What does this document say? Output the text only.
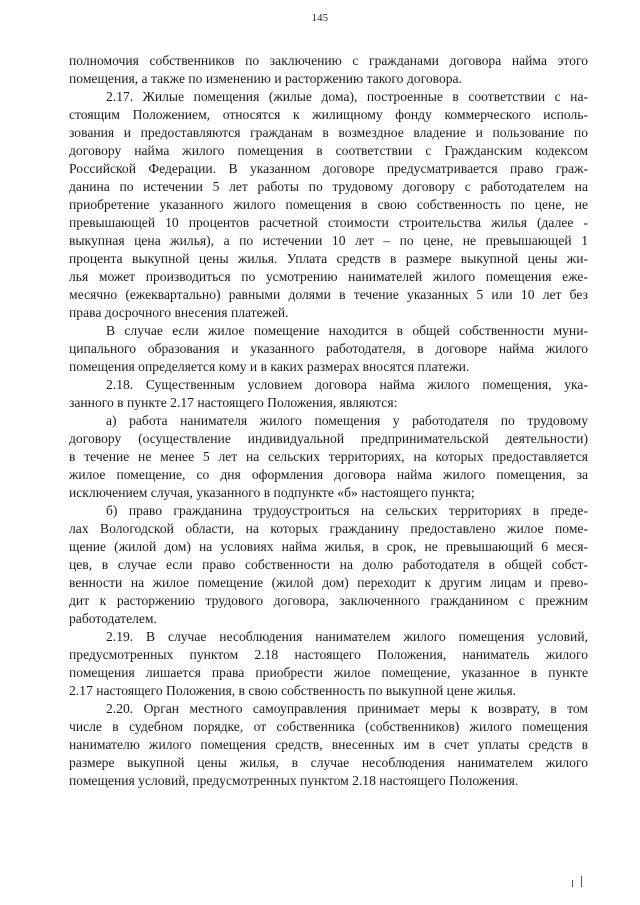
145
полномочия собственников по заключению с гражданами договора найма этого
помещения, а также по изменению и расторжению такого договора.
2.17. Жилые помещения (жилые дома), построенные в соответствии с на-
стоящим Положением, относятся к жилищному фонду коммерческого исполь-
зования и предоставляются гражданам в возмездное владение и пользование по
договору найма жилого помещения в соответствии с Гражданским кодексом
Российской Федерации. В указанном договоре предусматривается право граж-
данина по истечении 5 лет работы по трудовому договору с работодателем на
приобретение указанного жилого помещения в свою собственность по цене, не
превышающей 10 процентов расчетной стоимости строительства жилья (далее -
выкупная цена жилья), а по истечении 10 лет – по цене, не превышающей 1
процента выкупной цены жилья. Уплата средств в размере выкупной цены жи-
лья может производиться по усмотрению нанимателей жилого помещения еже-
месячно (ежеквартально) равными долями в течение указанных 5 или 10 лет без
права досрочного внесения платежей.
В случае если жилое помещение находится в общей собственности муни-
ципального образования и указанного работодателя, в договоре найма жилого
помещения определяется кому и в каких размерах вносятся платежи.
2.18. Существенным условием договора найма жилого помещения, ука-
занного в пункте 2.17 настоящего Положения, являются:
а) работа нанимателя жилого помещения у работодателя по трудовому
договору (осуществление индивидуальной предпринимательской деятельности)
в течение не менее 5 лет на сельских территориях, на которых предоставляется
жилое помещение, со дня оформления договора найма жилого помещения, за
исключением случая, указанного в подпункте «б» настоящего пункта;
б) право гражданина трудоустроиться на сельских территориях в преде-
лах Вологодской области, на которых гражданину предоставлено жилое поме-
щение (жилой дом) на условиях найма жилья, в срок, не превышающий 6 меся-
цев, в случае если право собственности на долю работодателя в общей собст-
венности на жилое помещение (жилой дом) переходит к другим лицам и прево-
дит к расторжению трудового договора, заключенного гражданином с прежним
работодателем.
2.19. В случае несоблюдения нанимателем жилого помещения условий,
предусмотренных пунктом 2.18 настоящего Положения, наниматель жилого
помещения лишается права приобрести жилое помещение, указанное в пункте
2.17 настоящего Положения, в свою собственность по выкупной цене жилья.
2.20. Орган местного самоуправления принимает меры к возврату, в том
числе в судебном порядке, от собственника (собственников) жилого помещения
нанимателю жилого помещения средств, внесенных им в счет уплаты средств в
размере выкупной цены жилья, в случае несоблюдения нанимателем жилого
помещения условий, предусмотренных пунктом 2.18 настоящего Положения.
